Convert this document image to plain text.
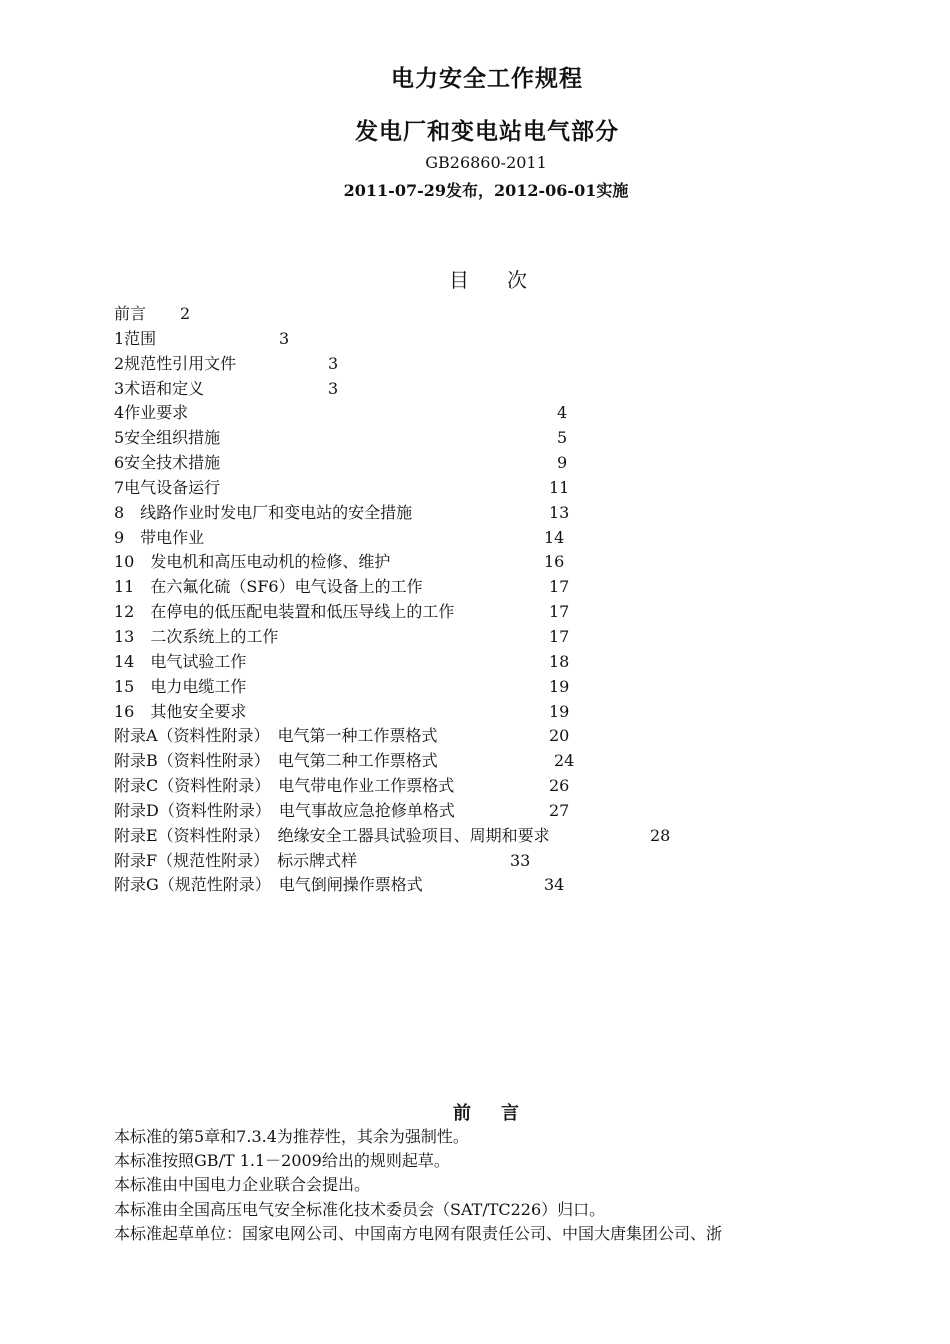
电力安全工作规程
发电厂和变电站电气部分
GB26860-2011
2011-07-29发布，2012-06-01实施
目次
前言 2
1范围	3
2规范性引用文件	3
3术语和定义	3
4作业要求	4
5安全组织措施	5
6安全技术措施	9
7电气设备运行	11
8　线路作业时发电厂和变电站的安全措施	13
9　带电作业	14
10　发电机和高压电动机的检修、维护	16
11　在六氟化硫（SF6）电气设备上的工作	17
12　在停电的低压配电装置和低压导线上的工作	17
13　二次系统上的工作	17
14　电气试验工作	18
15　电力电缆工作	19
16　其他安全要求	19
附录A（资料性附录）　电气第一种工作票格式	20
附录B（资料性附录）　电气第二种工作票格式	24
附录C（资料性附录）　电气带电作业工作票格式	26
附录D（资料性附录）　电气事故应急抢修单格式	27
附录E（资料性附录）　绝缘安全工器具试验项目、周期和要求	28
附录F（规范性附录）　标示牌式样	33
附录G（规范性附录）　电气倒闸操作票格式	34
前言

本标准的第5章和7.3.4为推荐性，其余为强制性。

本标准按照GB/T 1.1－2009给出的规则起草。

本标准由中国电力企业联合会提出。

本标准由全国高压电气安全标准化技术委员会（SAT/TC226）归口。

本标准起草单位：国家电网公司、中国南方电网有限责任公司、中国大唐集团公司、浙
